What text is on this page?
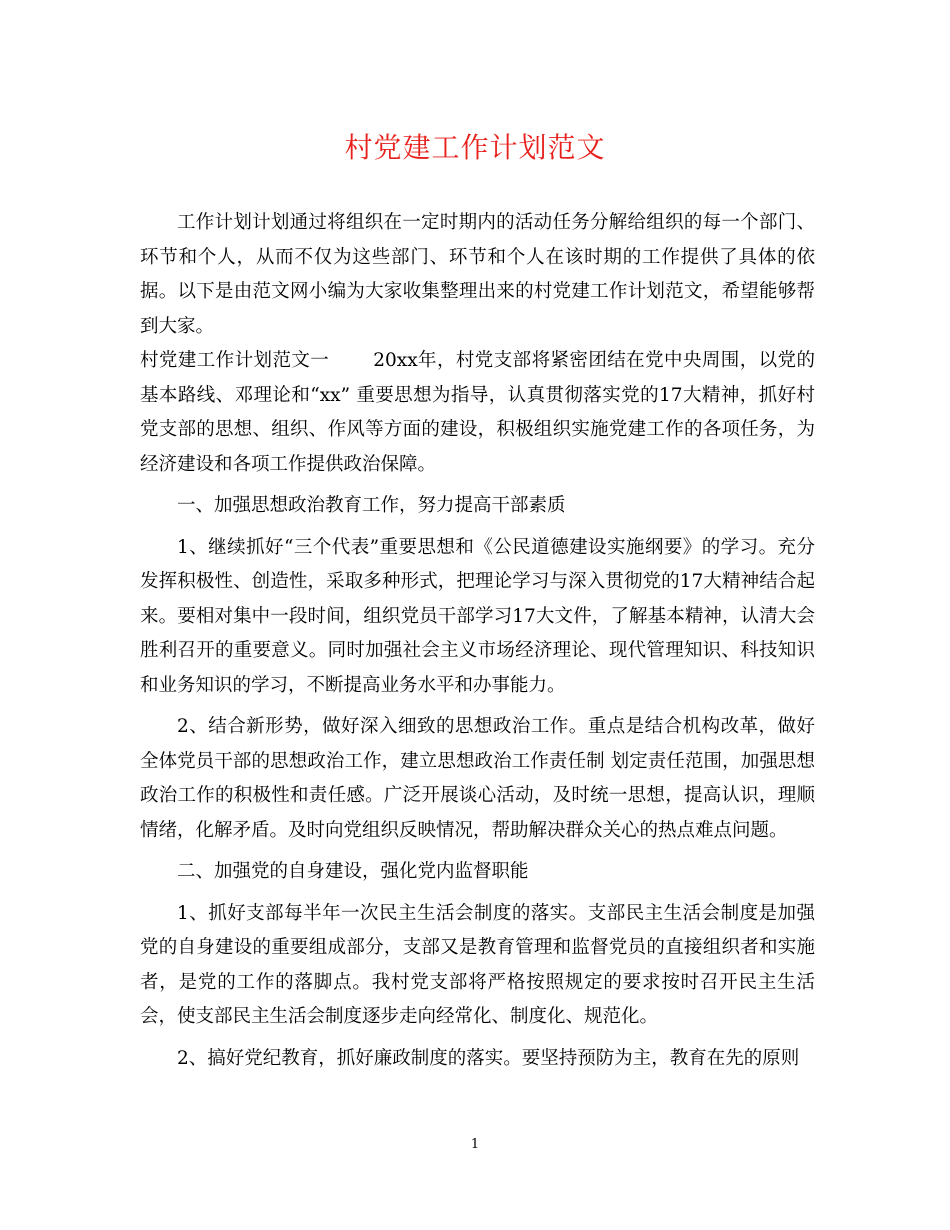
村党建工作计划范文

工作计划计划通过将组织在一定时期内的活动任务分解给组织的每一个部门、环节和个人，从而不仅为这些部门、环节和个人在该时期的工作提供了具体的依据。以下是由范文网小编为大家收集整理出来的村党建工作计划范文，希望能够帮到大家。

村党建工作计划范文一 20xx年，村党支部将紧密团结在党中央周围，以党的基本路线、邓理论和“xx” 重要思想为指导，认真贯彻落实党的17大精神，抓好村党支部的思想、组织、作风等方面的建设，积极组织实施党建工作的各项任务，为经济建设和各项工作提供政治保障。

一、加强思想政治教育工作，努力提高干部素质

1、继续抓好“三个代表”重要思想和《公民道德建设实施纲要》的学习。充分发挥积极性、创造性，采取多种形式，把理论学习与深入贯彻党的17大精神结合起来。要相对集中一段时间，组织党员干部学习17大文件，了解基本精神，认清大会胜利召开的重要意义。同时加强社会主义市场经济理论、现代管理知识、科技知识和业务知识的学习，不断提高业务水平和办事能力。

2、结合新形势，做好深入细致的思想政治工作。重点是结合机构改革，做好全体党员干部的思想政治工作，建立思想政治工作责任制 划定责任范围，加强思想政治工作的积极性和责任感。广泛开展谈心活动，及时统一思想，提高认识，理顺情绪，化解矛盾。及时向党组织反映情况，帮助解决群众关心的热点难点问题。

二、加强党的自身建设，强化党内监督职能

1、抓好支部每半年一次民主生活会制度的落实。支部民主生活会制度是加强党的自身建设的重要组成部分，支部又是教育管理和监督党员的直接组织者和实施者，是党的工作的落脚点。我村党支部将严格按照规定的要求按时召开民主生活会，使支部民主生活会制度逐步走向经常化、制度化、规范化。

2、搞好党纪教育，抓好廉政制度的落实。要坚持预防为主，教育在先的原则

1
